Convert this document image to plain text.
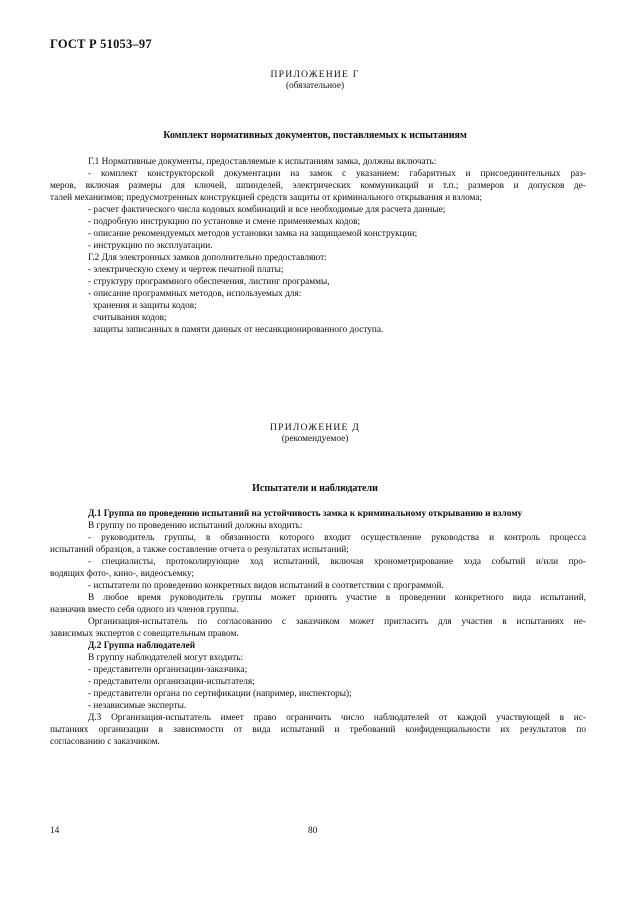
ГОСТ Р 51053–97
ПРИЛОЖЕНИЕ Г
(обязательное)
Комплект нормативных документов, поставляемых к испытаниям
Г.1 Нормативные документы, предоставляемые к испытаниям замка, должны включать:
- комплект конструкторской документации на замок с указанием: габаритных и присоединительных раз-
меров, включая размеры для ключей, шпинделей, электрических коммуникаций и т.п.; размеров и допусков де-
талей механизмов; предусмотренных конструкцией средств защиты от криминального открывания и взлома;
- расчет фактического числа кодовых комбинаций и все необходимые для расчета данные;
- подробную инструкцию по установке и смене применяемых кодов;
- описание рекомендуемых методов установки замка на защищаемой конструкции;
- инструкцию по эксплуатации.
Г.2 Для электронных замков дополнительно предоставляют:
- электрическую схему и чертеж печатной платы;
- структуру программного обеспечения, листинг программы,
- описание программных методов, используемых для:
хранения и защиты кодов;
считывания кодов;
защиты записанных в памяти данных от несанкционированного доступа.
ПРИЛОЖЕНИЕ Д
(рекомендуемое)
Испытатели и наблюдатели
Д.1 Группа по проведению испытаний на устойчивость замка к криминальному открыванию и взлому
В группу по проведению испытаний должны входить:
- руководитель группы, в обязанности которого входит осуществление руководства и контроль процесса
испытаний образцов, а также составление отчета о результатах испытаний;
- специалисты, протоколирующие ход испытаний, включая хронометрирование хода событий и/или про-
водящих фото-, кино-, видеосъемку;
- испытатели по проведению конкретных видов испытаний в соответствии с программой.
В любое время руководитель группы может принять участие в проведении конкретного вида испытаний,
назначив вместо себя одного из членов группы.
Организация-испытатель по согласованию с заказчиком может пригласить для участия в испытаниях не-
зависимых экспертов с совещательным правом.
Д.2 Группа наблюдателей
В группу наблюдателей могут входить:
- представители организации-заказчика;
- представители организации-испытателя;
- представители органа по сертификации (например, инспекторы);
- независимые эксперты.
Д.3 Организация-испытатель имеет право ограничить число наблюдателей от каждой участвующей в ис-
пытаниях организации в зависимости от вида испытаний и требований конфиденциальности их результатов по
согласованию с заказчиком.
14	80
